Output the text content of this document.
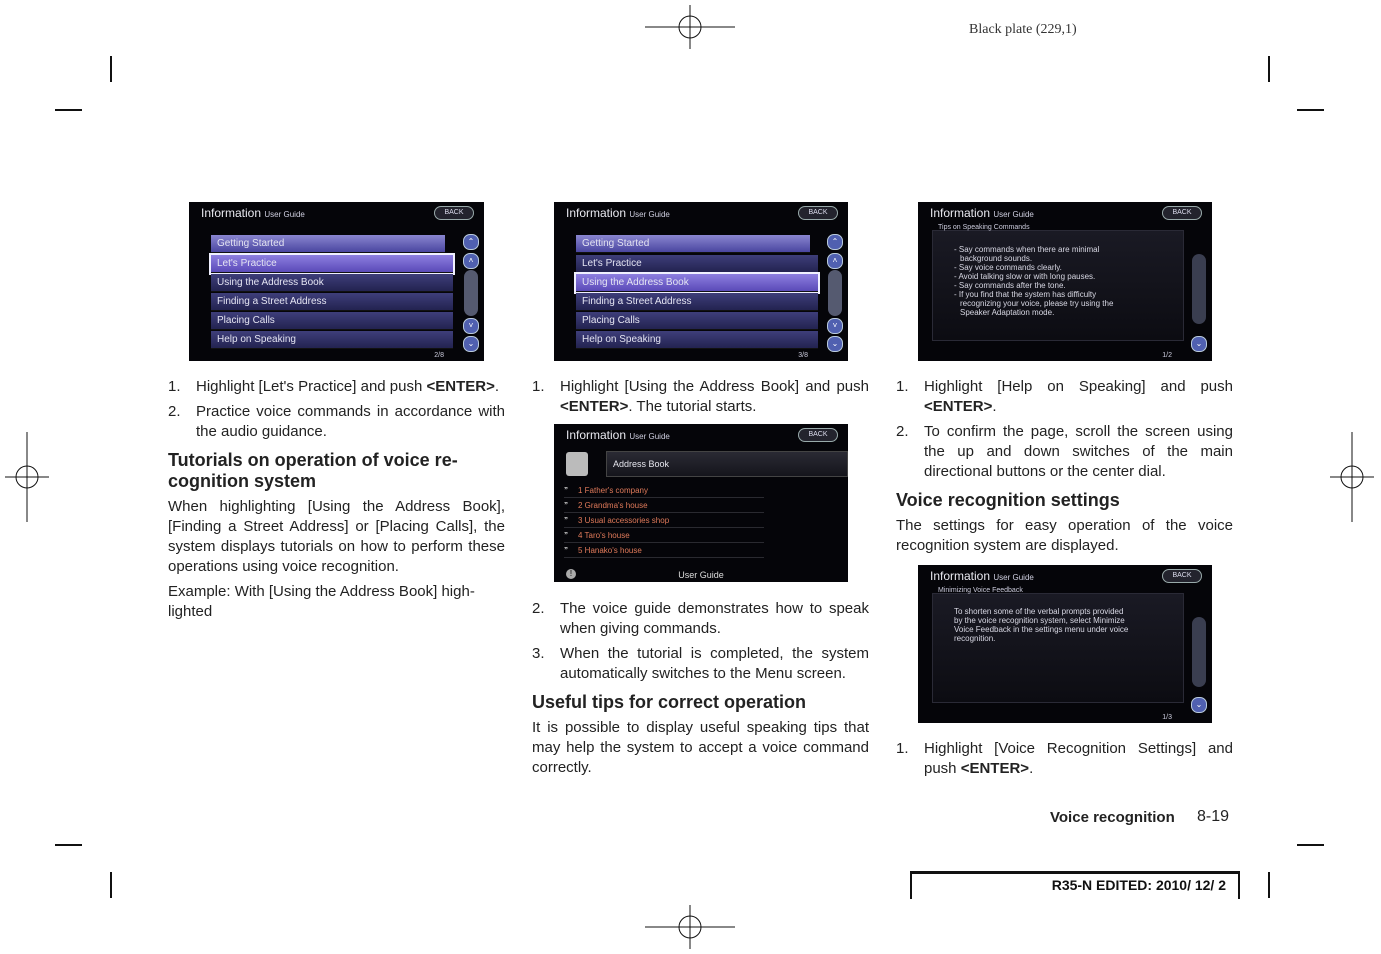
Black plate (229,1)
Information User Guide	BACK
Getting Started
Let's Practice
Using the Address Book
Finding a Street Address
Placing Calls
Help on Speaking
⌃
˄
˅
⌄
2/8
Information User Guide	BACK
Getting Started
Let's Practice
Using the Address Book
Finding a Street Address
Placing Calls
Help on Speaking
⌃
˄
˅
⌄
3/8
Information User Guide	BACK
Tips on Speaking Commands
- Say commands when there are minimal
background sounds.
- Say voice commands clearly.
- Avoid talking slow or with long pauses.
- Say commands after the tone.
- If you find that the system has difficulty
recognizing your voice, please try using the
Speaker Adaptation mode.
⌄
1/2
Information User Guide	BACK
Address Book
” 1 Father's company
” 2 Grandma's house
” 3 Usual accessories shop
” 4 Taro's house
” 5 Hanako's house
!	User Guide	Information User Guide	BACK
Minimizing Voice Feedback
To shorten some of the verbal prompts provided
by the voice recognition system, select Minimize
Voice Feedback in the settings menu under voice
recognition.
⌄
1/3
1. Highlight [Let's Practice] and push <ENTER>.
2. Practice voice commands in accordance with the audio guidance.
Tutorials on operation of voice re-cognition system

When highlighting [Using the Address Book], [Finding a Street Address] or [Placing Calls], the system displays tutorials on how to perform these operations using voice recognition.

Example: With [Using the Address Book] high-lighted

1. Highlight [Using the Address Book] and push <ENTER>. The tutorial starts.
2. The voice guide demonstrates how to speak when giving commands.
3. When the tutorial is completed, the system automatically switches to the Menu screen.
Useful tips for correct operation

It is possible to display useful speaking tips that may help the system to accept a voice command correctly.

1. Highlight [Help on Speaking] and push <ENTER>.
2. To confirm the page, scroll the screen using the up and down switches of the main directional buttons or the center dial.
Voice recognition settings

The settings for easy operation of the voice recognition system are displayed.

1. Highlight [Voice Recognition Settings] and push <ENTER>.
Voice recognition 8-19
R35-N EDITED: 2010/ 12/ 2
